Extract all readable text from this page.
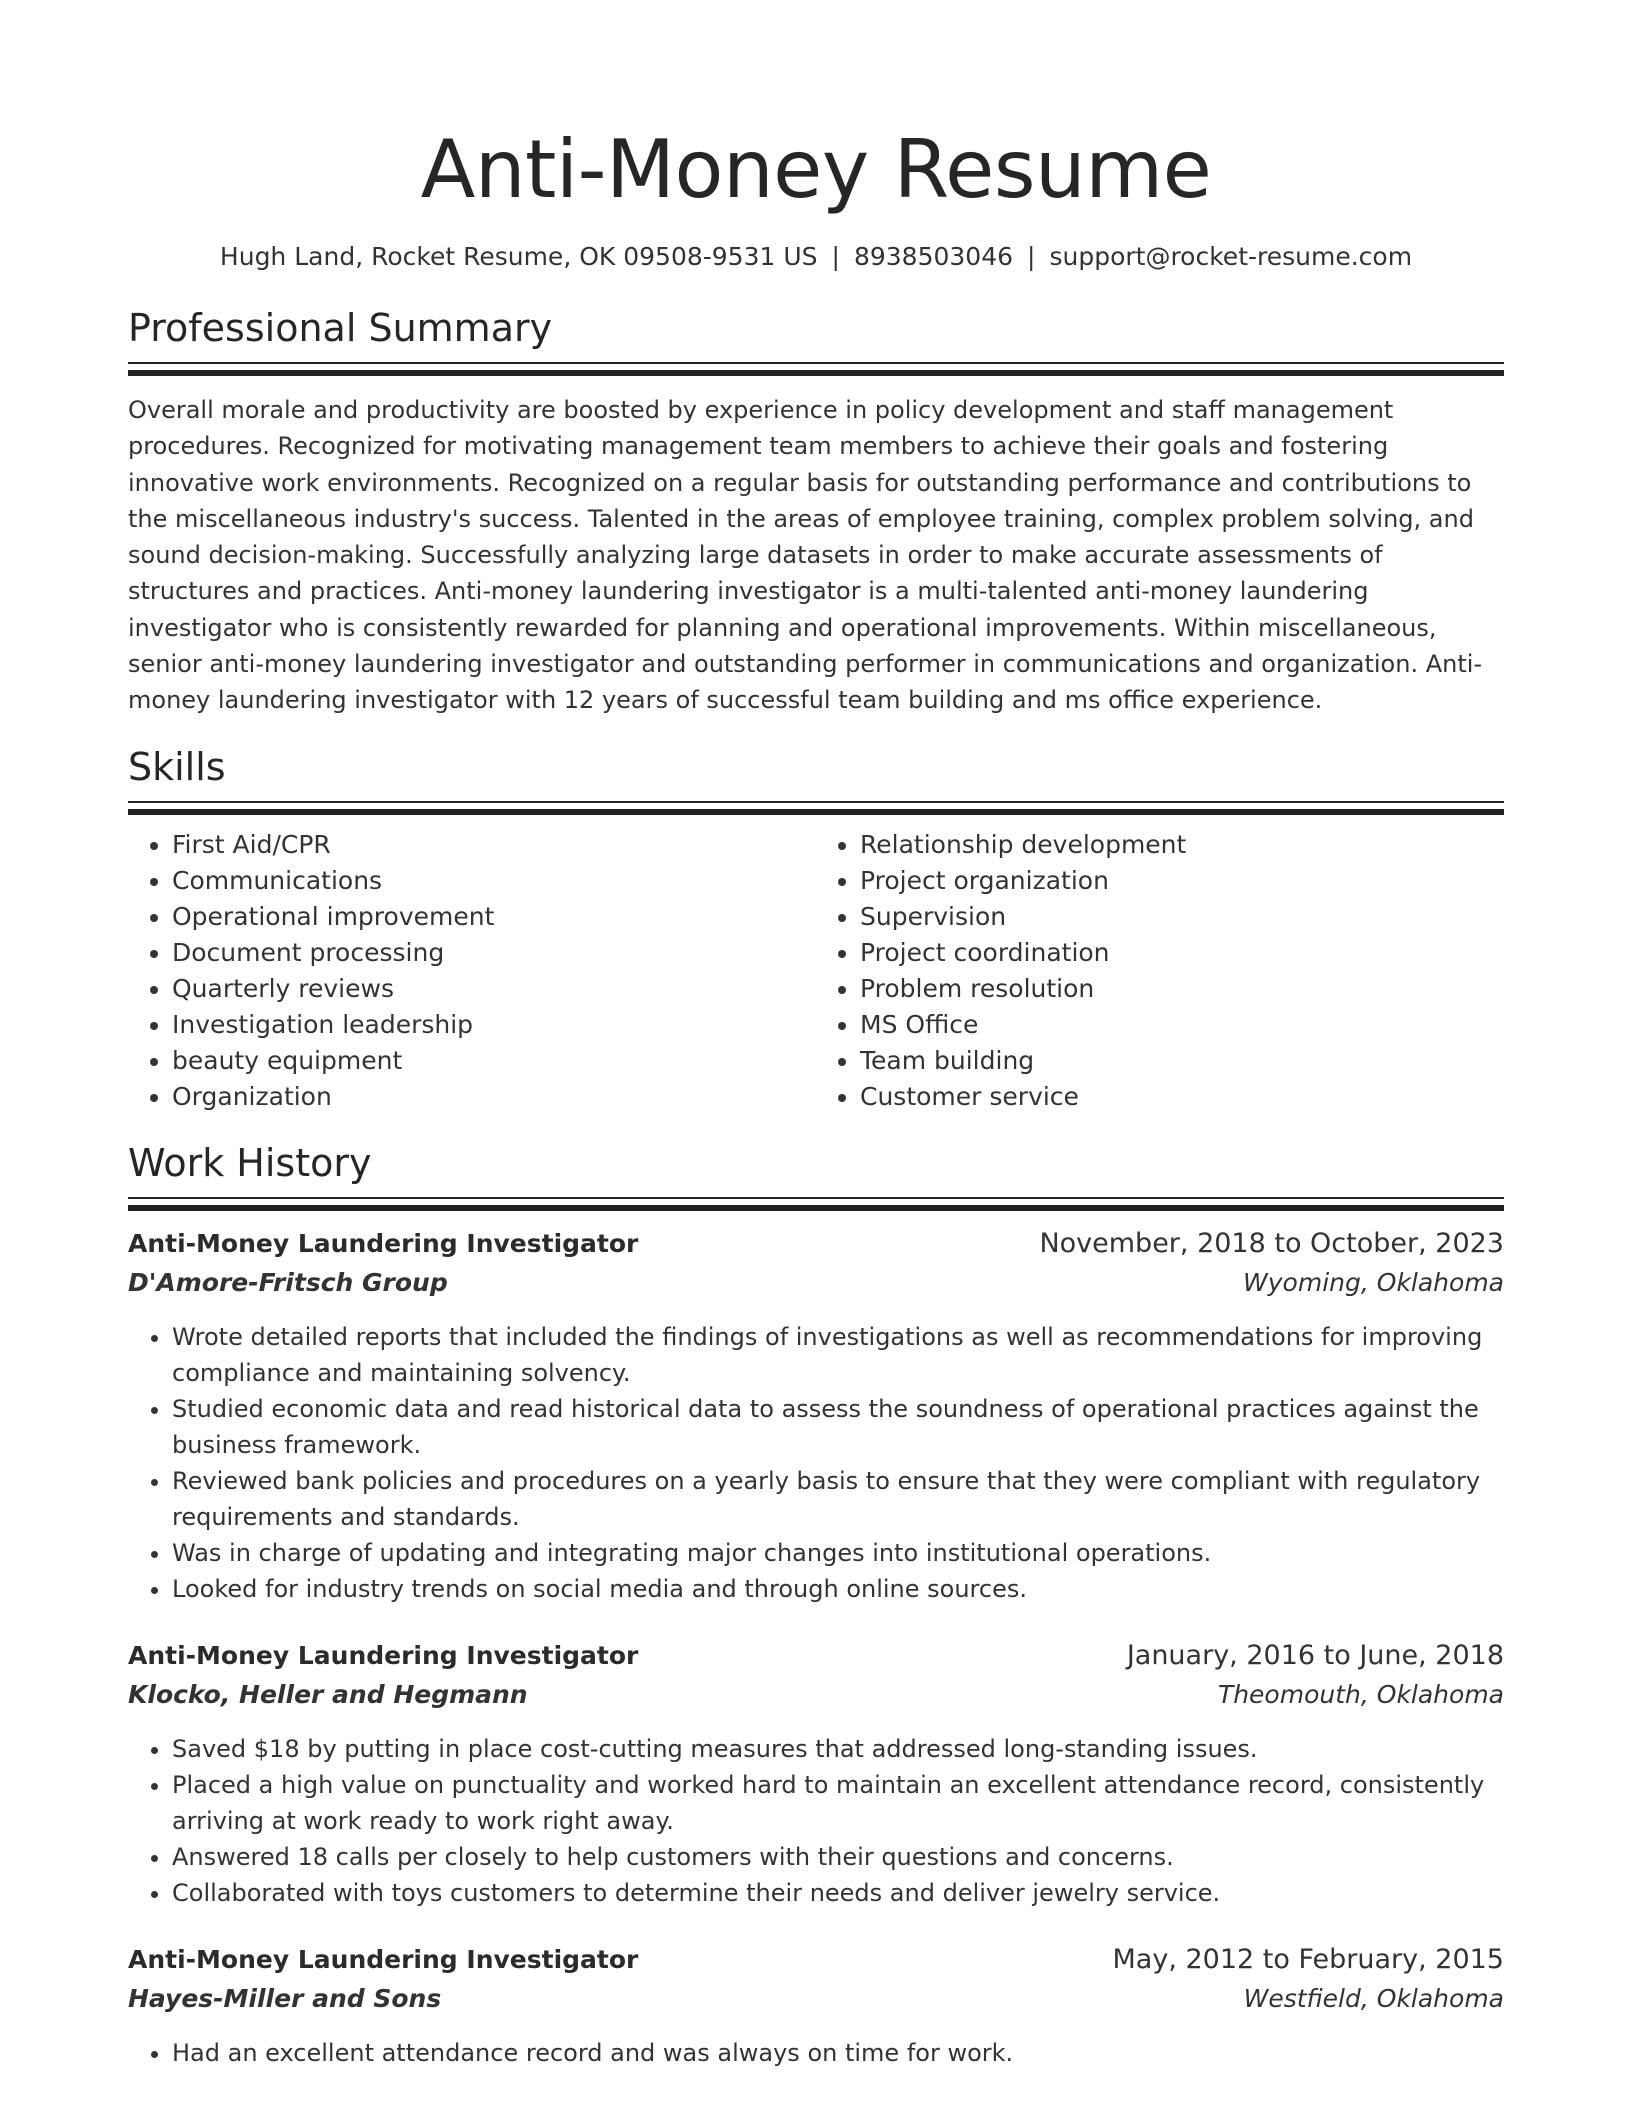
Anti-Money Resume
Hugh Land, Rocket Resume, OK 09508-9531 US | 8938503046 | support@rocket-resume.com
Professional Summary

Overall morale and productivity are boosted by experience in policy development and staff management procedures. Recognized for motivating management team members to achieve their goals and fostering innovative work environments. Recognized on a regular basis for outstanding performance and contributions to the miscellaneous industry's success. Talented in the areas of employee training, complex problem solving, and sound decision-making. Successfully analyzing large datasets in order to make accurate assessments of structures and practices. Anti-money laundering investigator is a multi-talented anti-money laundering investigator who is consistently rewarded for planning and operational improvements. Within miscellaneous, senior anti-money laundering investigator and outstanding performer in communications and organization. Anti-money laundering investigator with 12 years of successful team building and ms office experience.

Skills
• First Aid/CPR
• Communications
• Operational improvement
• Document processing
• Quarterly reviews
• Investigation leadership
• beauty equipment
• Organization
• Relationship development
• Project organization
• Supervision
• Project coordination
• Problem resolution
• MS Office
• Team building
• Customer service
Work History
Anti-Money Laundering Investigator	November, 2018 to October, 2023
D'Amore-Fritsch Group	Wyoming, Oklahoma
• Wrote detailed reports that included the findings of investigations as well as recommendations for improving compliance and maintaining solvency.
• Studied economic data and read historical data to assess the soundness of operational practices against the business framework.
• Reviewed bank policies and procedures on a yearly basis to ensure that they were compliant with regulatory requirements and standards.
• Was in charge of updating and integrating major changes into institutional operations.
• Looked for industry trends on social media and through online sources.
Anti-Money Laundering Investigator	January, 2016 to June, 2018
Klocko, Heller and Hegmann	Theomouth, Oklahoma
• Saved $18 by putting in place cost-cutting measures that addressed long-standing issues.
• Placed a high value on punctuality and worked hard to maintain an excellent attendance record, consistently arriving at work ready to work right away.
• Answered 18 calls per closely to help customers with their questions and concerns.
• Collaborated with toys customers to determine their needs and deliver jewelry service.
Anti-Money Laundering Investigator	May, 2012 to February, 2015
Hayes-Miller and Sons	Westfield, Oklahoma
• Had an excellent attendance record and was always on time for work.
